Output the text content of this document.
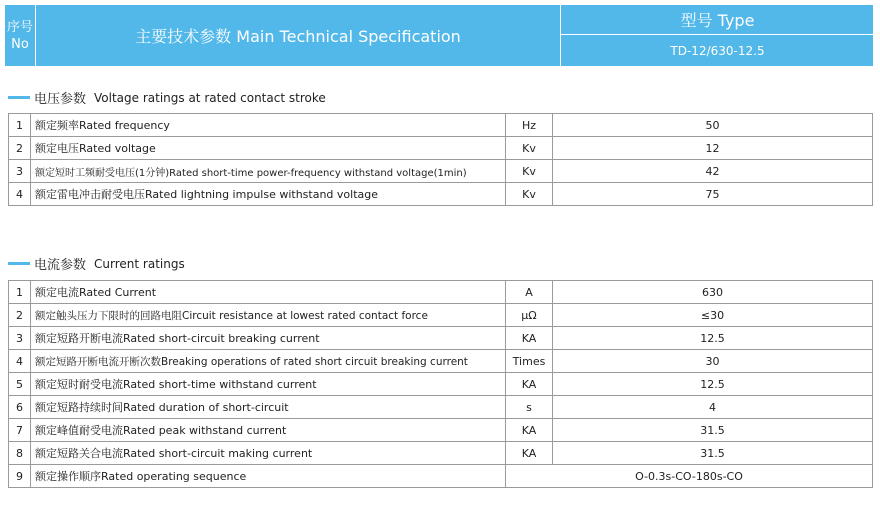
序号
No	主要技术参数 Main Technical Specification
型号 Type
TD-12/630-12.5
电压参数 Voltage ratings at rated contact stroke
1	额定频率Rated frequency	Hz	50
2	额定电压Rated voltage	Kv	12
3	额定短时工频耐受电压(1分钟)Rated short-time power-frequency withstand voltage(1min)	Kv	42
4	额定雷电冲击耐受电压Rated lightning impulse withstand voltage	Kv	75
电流参数 Current ratings
1	额定电流Rated Current	A	630
2	额定触头压力下限时的回路电阻Circuit resistance at lowest rated contact force	μΩ	≤30
3	额定短路开断电流Rated short-circuit breaking current	KA	12.5
4	额定短路开断电流开断次数Breaking operations of rated short circuit breaking current	Times	30
5	额定短时耐受电流Rated short-time withstand current	KA	12.5
6	额定短路持续时间Rated duration of short-circuit	s	4
7	额定峰值耐受电流Rated peak withstand current	KA	31.5
8	额定短路关合电流Rated short-circuit making current	KA	31.5
9	额定操作顺序Rated operating sequence	O-0.3s-CO-180s-CO	
